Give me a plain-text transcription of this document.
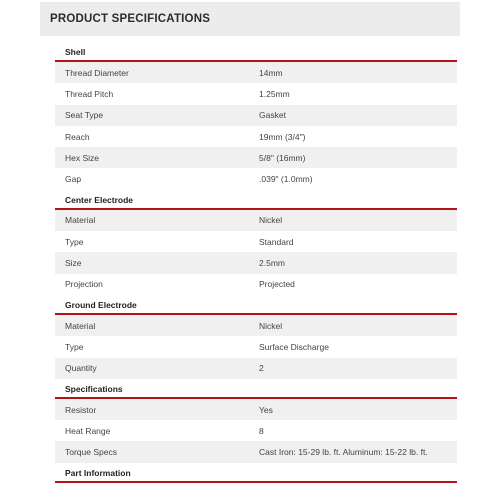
PRODUCT SPECIFICATIONS
Shell
Thread Diameter	14mm
Thread Pitch	1.25mm
Seat Type	Gasket
Reach	19mm (3/4")
Hex Size	5/8" (16mm)
Gap	.039" (1.0mm)
Center Electrode
Material	Nickel
Type	Standard
Size	2.5mm
Projection	Projected
Ground Electrode
Material	Nickel
Type	Surface Discharge
Quantity	2
Specifications
Resistor	Yes
Heat Range	8
Torque Specs	Cast Iron: 15-29 lb. ft. Aluminum: 15-22 lb. ft.
Part Information
